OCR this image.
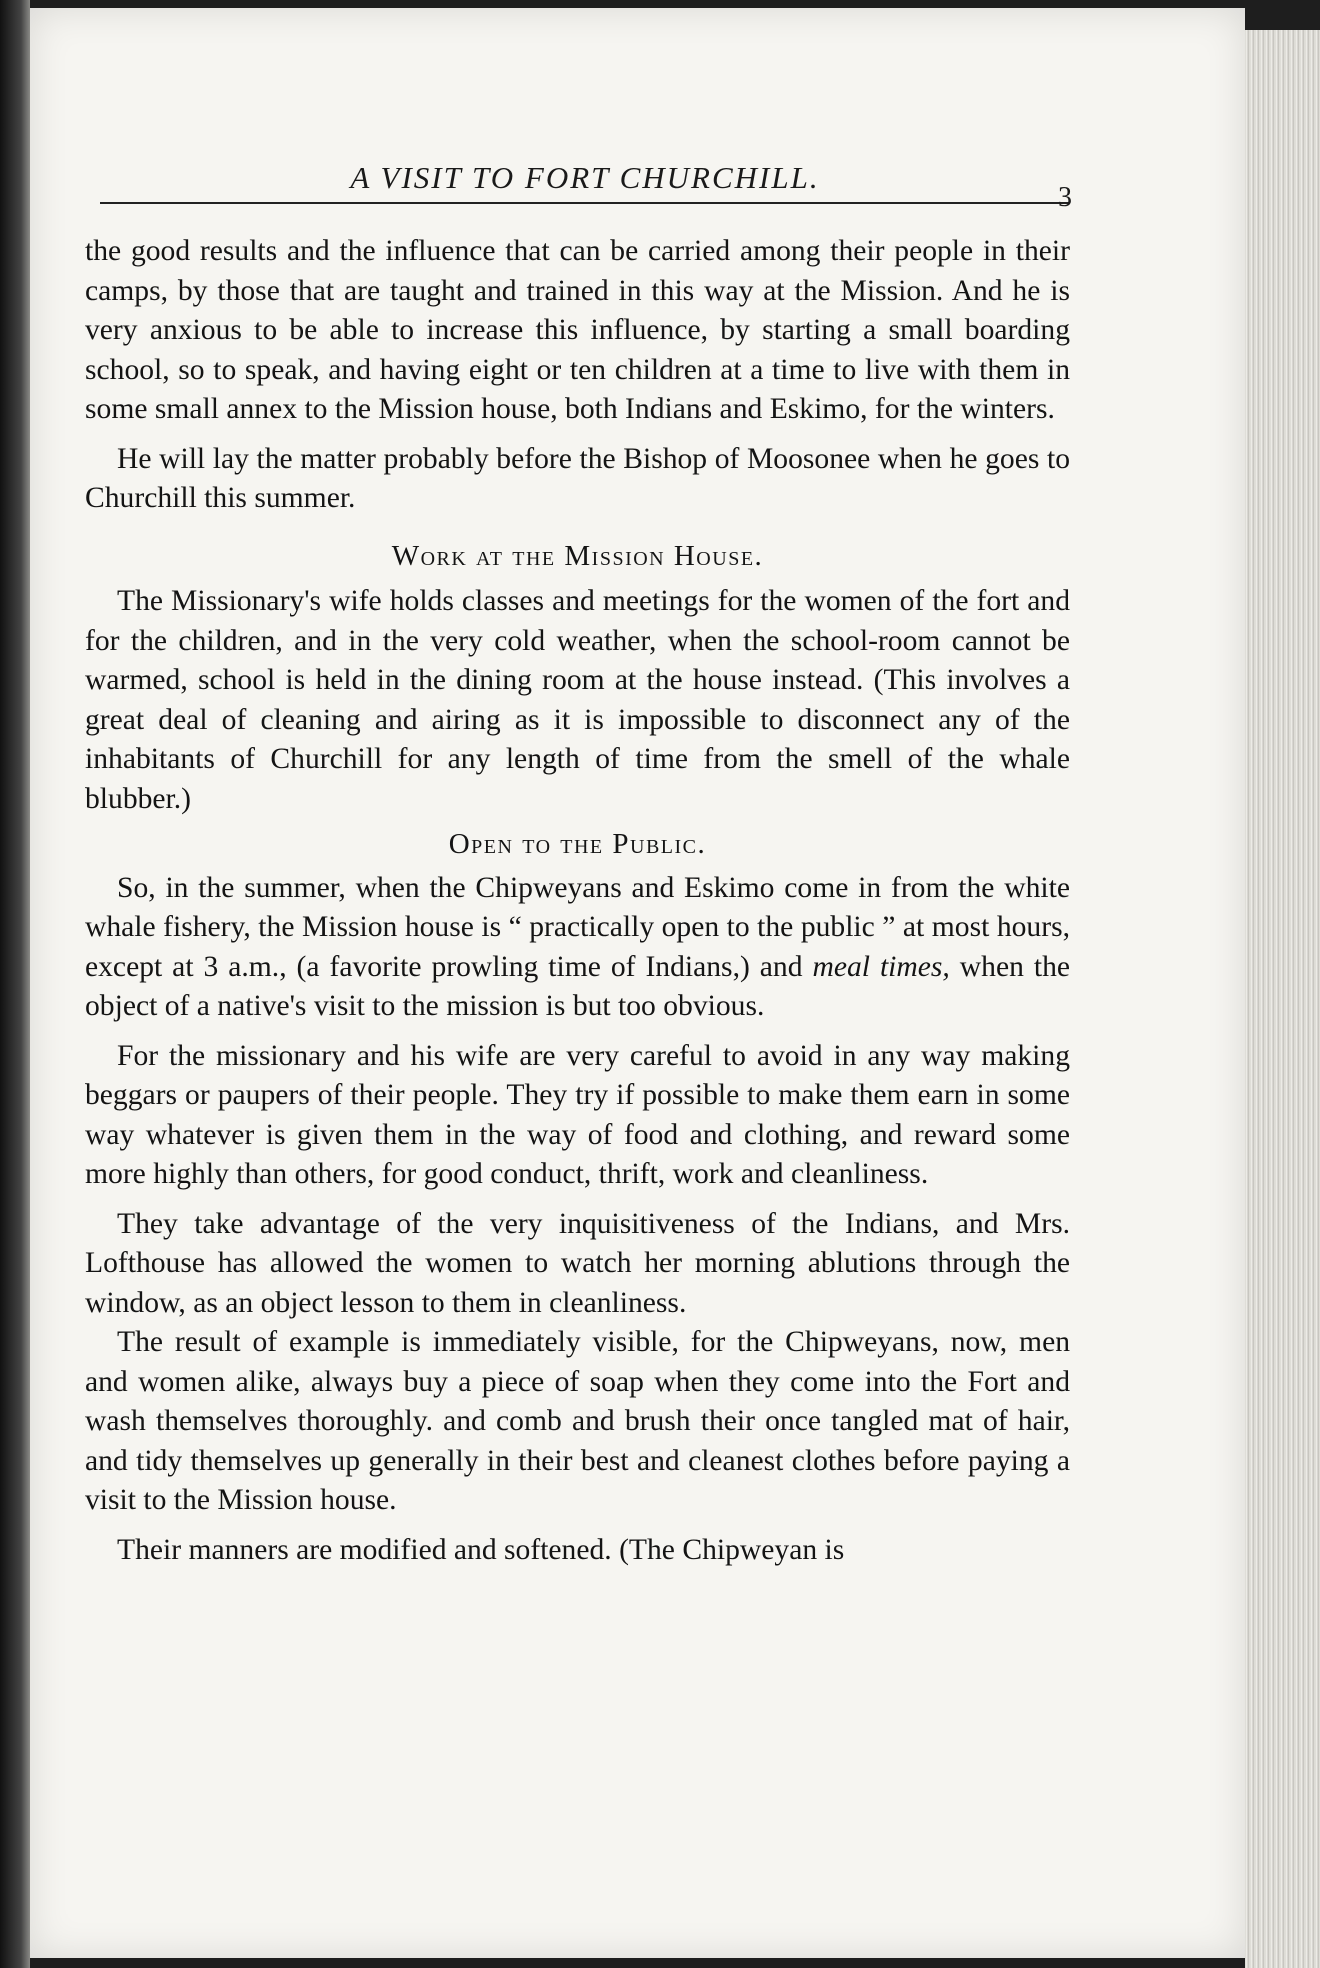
A VISIT TO FORT CHURCHILL.
3

the good results and the influence that can be carried among their people in their camps, by those that are taught and trained in this way at the Mission. And he is very anxious to be able to increase this influence, by starting a small boarding school, so to speak, and having eight or ten children at a time to live with them in some small annex to the Mission house, both Indians and Eskimo, for the winters.

He will lay the matter probably before the Bishop of Moosonee when he goes to Churchill this summer.

Work at the Mission House.

The Missionary's wife holds classes and meetings for the women of the fort and for the children, and in the very cold weather, when the school-room cannot be warmed, school is held in the dining room at the house instead. (This involves a great deal of cleaning and airing as it is impossible to disconnect any of the inhabitants of Churchill for any length of time from the smell of the whale blubber.)

Open to the Public.

So, in the summer, when the Chipweyans and Eskimo come in from the white whale fishery, the Mission house is “ practically open to the public ” at most hours, except at 3 a.m., (a favorite prowling time of Indians,) and meal times, when the object of a native's visit to the mission is but too obvious.

For the missionary and his wife are very careful to avoid in any way making beggars or paupers of their people. They try if possible to make them earn in some way whatever is given them in the way of food and clothing, and reward some more highly than others, for good conduct, thrift, work and cleanliness.

They take advantage of the very inquisitiveness of the Indians, and Mrs. Lofthouse has allowed the women to watch her morning ablutions through the window, as an object lesson to them in cleanliness.

The result of example is immediately visible, for the Chipweyans, now, men and women alike, always buy a piece of soap when they come into the Fort and wash themselves thoroughly. and comb and brush their once tangled mat of hair, and tidy themselves up generally in their best and cleanest clothes before paying a visit to the Mission house.

Their manners are modified and softened. (The Chipweyan is
